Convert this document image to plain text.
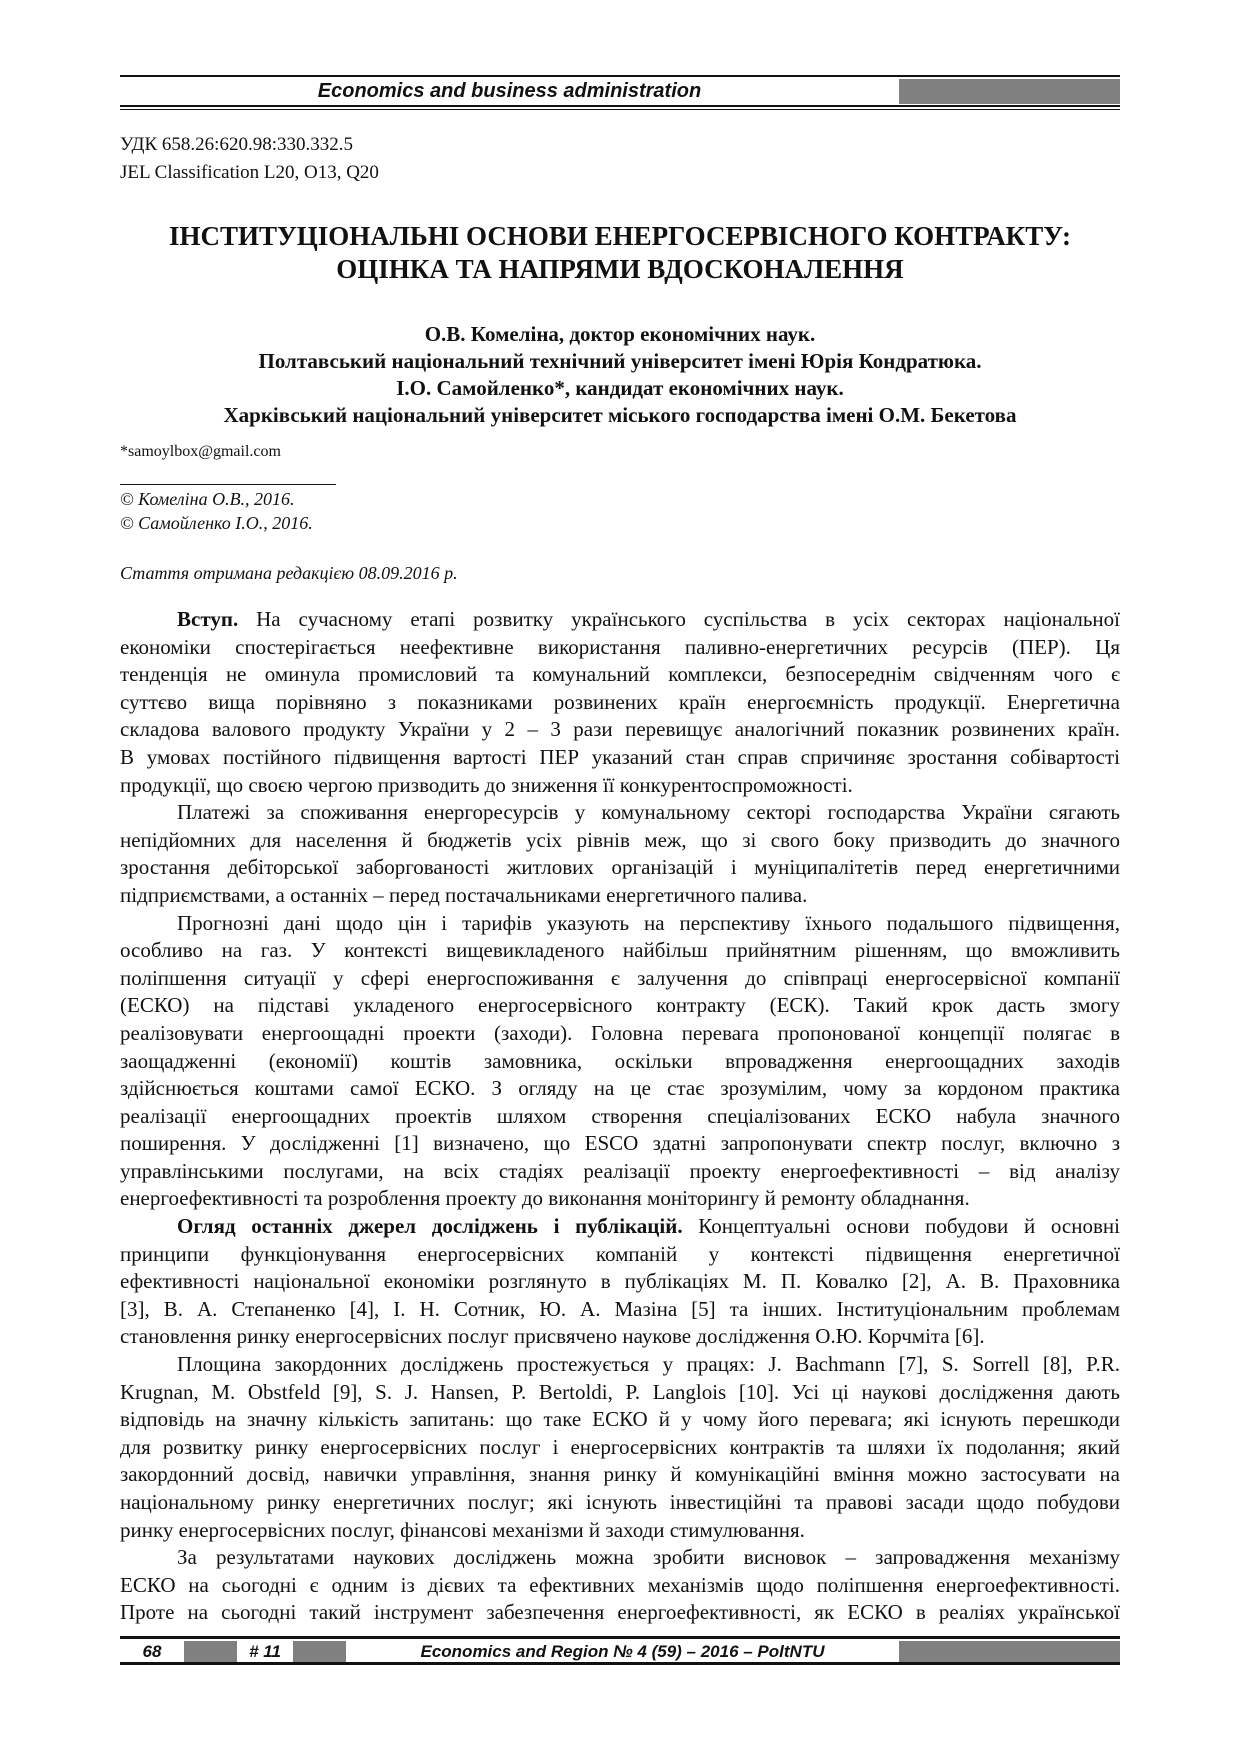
Economics and business administration
УДК 658.26:620.98:330.332.5
JEL Classification L20, O13, Q20
ІНСТИТУЦІОНАЛЬНІ ОСНОВИ ЕНЕРГОСЕРВІСНОГО КОНТРАКТУ:
ОЦІНКА ТА НАПРЯМИ ВДОСКОНАЛЕННЯ
О.В. Комеліна, доктор економічних наук.
Полтавський національний технічний університет імені Юрія Кондратюка.
І.О. Самойленко*, кандидат економічних наук.
Харківський національний університет міського господарства імені О.М. Бекетова
*samoylbox@gmail.com
© Комеліна О.В., 2016.
© Самойленко І.О., 2016.
Стаття отримана редакцією 08.09.2016 р.
Вступ. На сучасному етапі розвитку українського суспільства в усіх секторах національної
економіки спостерігається неефективне використання паливно-енергетичних ресурсів (ПЕР). Ця
тенденція не оминула промисловий та комунальний комплекси, безпосереднім свідченням чого є
суттєво вища порівняно з показниками розвинених країн енергоємність продукції. Енергетична
складова валового продукту України у 2 – 3 рази перевищує аналогічний показник розвинених країн.
В умовах постійного підвищення вартості ПЕР указаний стан справ спричиняє зростання собівартості
продукції, що своєю чергою призводить до зниження її конкурентоспроможності.
Платежі за споживання енергоресурсів у комунальному секторі господарства України сягають
непідйомних для населення й бюджетів усіх рівнів меж, що зі свого боку призводить до значного
зростання дебіторської заборгованості житлових організацій і муніципалітетів перед енергетичними
підприємствами, а останніх – перед постачальниками енергетичного палива.
Прогнозні дані щодо цін і тарифів указують на перспективу їхнього подальшого підвищення,
особливо на газ. У контексті вищевикладеного найбільш прийнятним рішенням, що вможливить
поліпшення ситуації у сфері енергоспоживання є залучення до співпраці енергосервісної компанії
(ЕСКО) на підставі укладеного енергосервісного контракту (ЕСК). Такий крок дасть змогу
реалізовувати енергоощадні проекти (заходи). Головна перевага пропонованої концепції полягає в
заощадженні (економії) коштів замовника, оскільки впровадження енергоощадних заходів
здійснюється коштами самої ЕСКО. З огляду на це стає зрозумілим, чому за кордоном практика
реалізації енергоощадних проектів шляхом створення спеціалізованих ЕСКО набула значного
поширення. У дослідженні [1] визначено, що ESCO здатні запропонувати спектр послуг, включно з
управлінськими послугами, на всіх стадіях реалізації проекту енергоефективності – від аналізу
енергоефективності та розроблення проекту до виконання моніторингу й ремонту обладнання.
Огляд останніх джерел досліджень і публікацій. Концептуальні основи побудови й основні
принципи функціонування енергосервісних компаній у контексті підвищення енергетичної
ефективності національної економіки розглянуто в публікаціях М. П. Ковалко [2], А. В. Праховника
[3], В. А. Степаненко [4], І. Н. Сотник, Ю. А. Мазіна [5] та інших. Інституціональним проблемам
становлення ринку енергосервісних послуг присвячено наукове дослідження О.Ю. Корчміта [6].
Площина закордонних досліджень простежується у працях: J. Bachmann [7], S. Sorrell [8], P.R.
Krugnan, M. Obstfeld [9], S. J. Hansen, P. Bertoldi, P. Langlois [10]. Усі ці наукові дослідження дають
відповідь на значну кількість запитань: що таке ЕСКО й у чому його перевага; які існують перешкоди
для розвитку ринку енергосервісних послуг і енергосервісних контрактів та шляхи їх подолання; який
закордонний досвід, навички управління, знання ринку й комунікаційні вміння можно застосувати на
національному ринку енергетичних послуг; які існують інвестиційні та правові засади щодо побудови
ринку енергосервісних послуг, фінансові механізми й заходи стимулювання.
За результатами наукових досліджень можна зробити висновок – запровадження механізму
ЕСКО на сьогодні є одним із дієвих та ефективних механізмів щодо поліпшення енергоефективності.
Проте на сьогодні такий інструмент забезпечення енергоефективності, як ЕСКО в реаліях української
68	# 11	Economics and Region № 4 (59) – 2016 – PoltNTU
